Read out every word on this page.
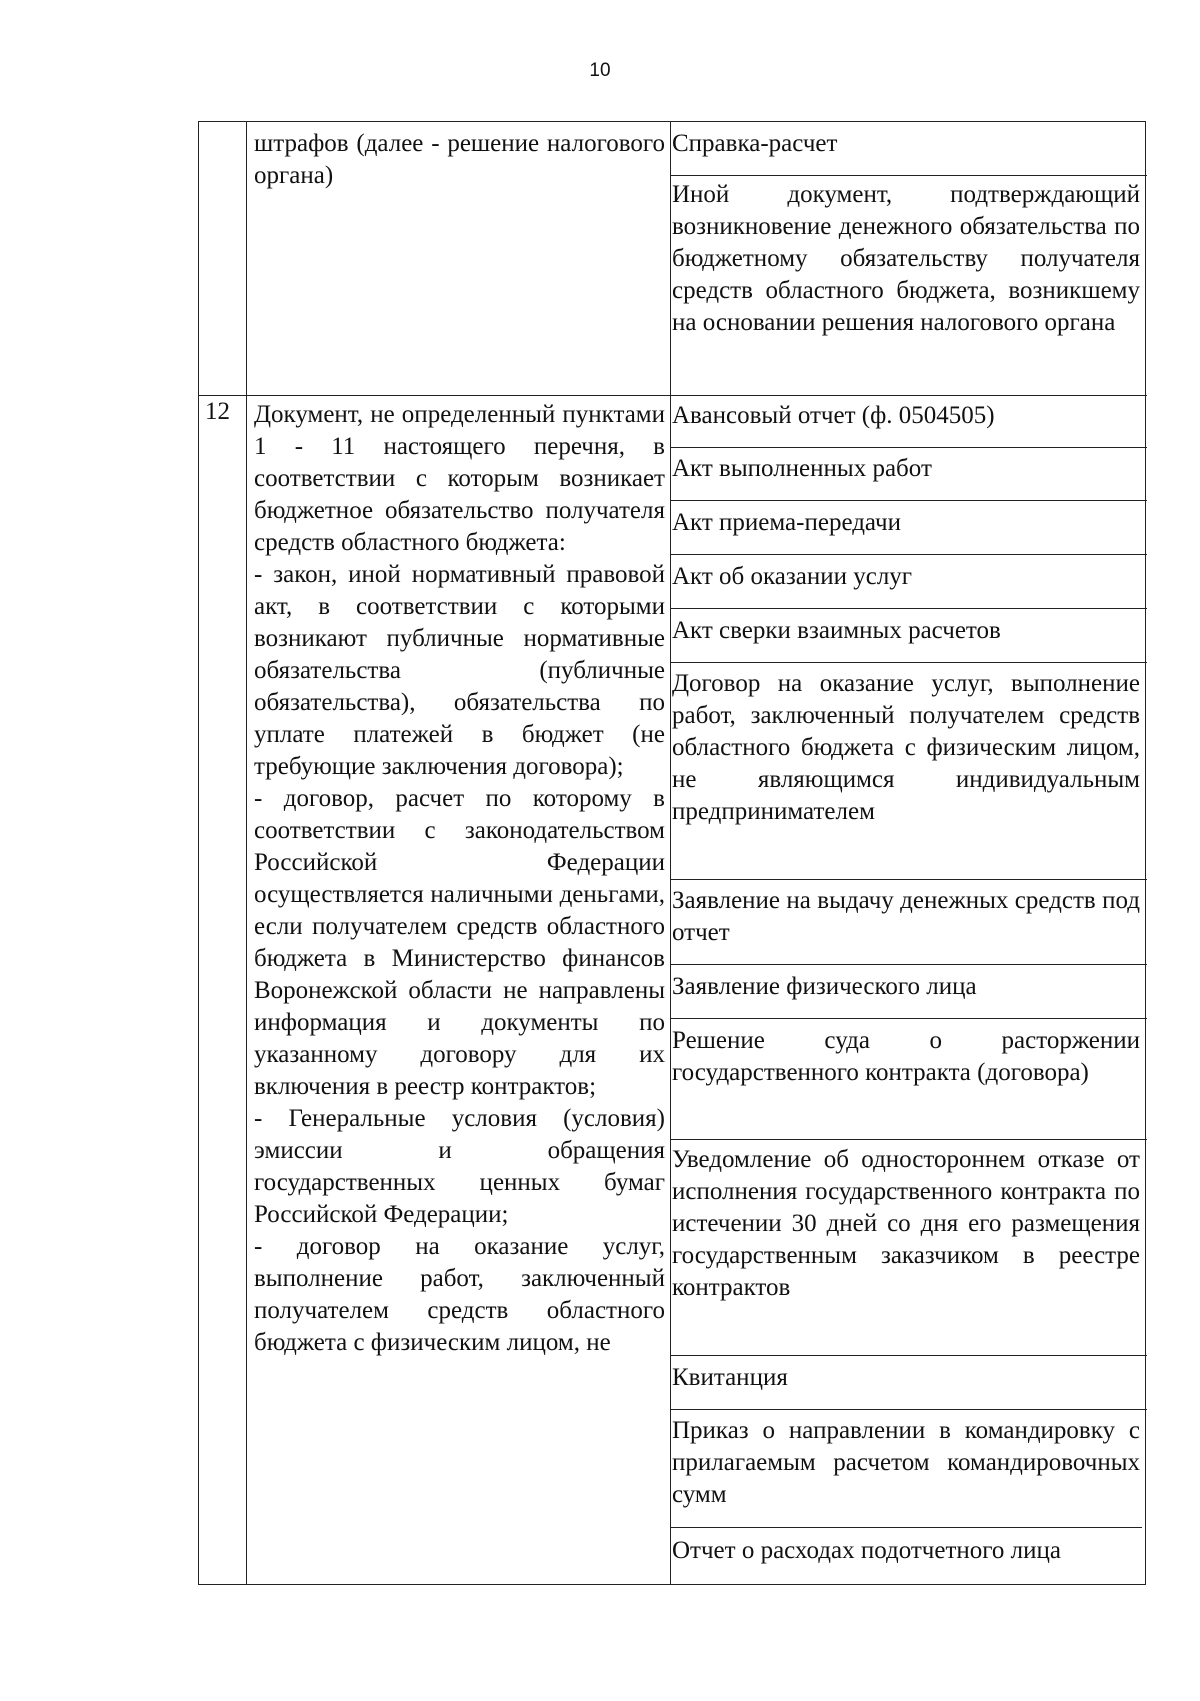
10

штрафов (далее - решение налогового органа)

Справка-расчет

Иной документ, подтверждающий возникновение денежного обязательства по бюджетному обязательству получателя средств областного бюджета, возникшему на основании решения налогового органа

12 Документ, не определенный пунктами 1 - 11 настоящего перечня, в соответствии с которым возникает бюджетное обязательство получателя средств областного бюджета:
- закон, иной нормативный правовой акт, в соответствии с которыми возникают публичные нормативные обязательства (публичные обязательства), обязательства по уплате платежей в бюджет (не требующие заключения договора);
- договор, расчет по которому в соответствии с законодательством Российской Федерации осуществляется наличными деньгами, если получателем средств областного бюджета в Министерство финансов Воронежской области не направлены информация и документы по указанному договору для их включения в реестр контрактов;
- Генеральные условия (условия) эмиссии и обращения государственных ценных бумаг Российской Федерации;
- договор на оказание услуг, выполнение работ, заключенный получателем средств областного бюджета с физическим лицом, не

Авансовый отчет (ф. 0504505)

Акт выполненных работ

Акт приема-передачи

Акт об оказании услуг

Акт сверки взаимных расчетов

Договор на оказание услуг, выполнение работ, заключенный получателем средств областного бюджета с физическим лицом, не являющимся индивидуальным предпринимателем

Заявление на выдачу денежных средств под отчет

Заявление физического лица

Решение суда о расторжении государственного контракта (договора)

Уведомление об одностороннем отказе от исполнения государственного контракта по истечении 30 дней со дня его размещения государственным заказчиком в реестре контрактов

Квитанция

Приказ о направлении в командировку с прилагаемым расчетом командировочных сумм

Отчет о расходах подотчетного лица
